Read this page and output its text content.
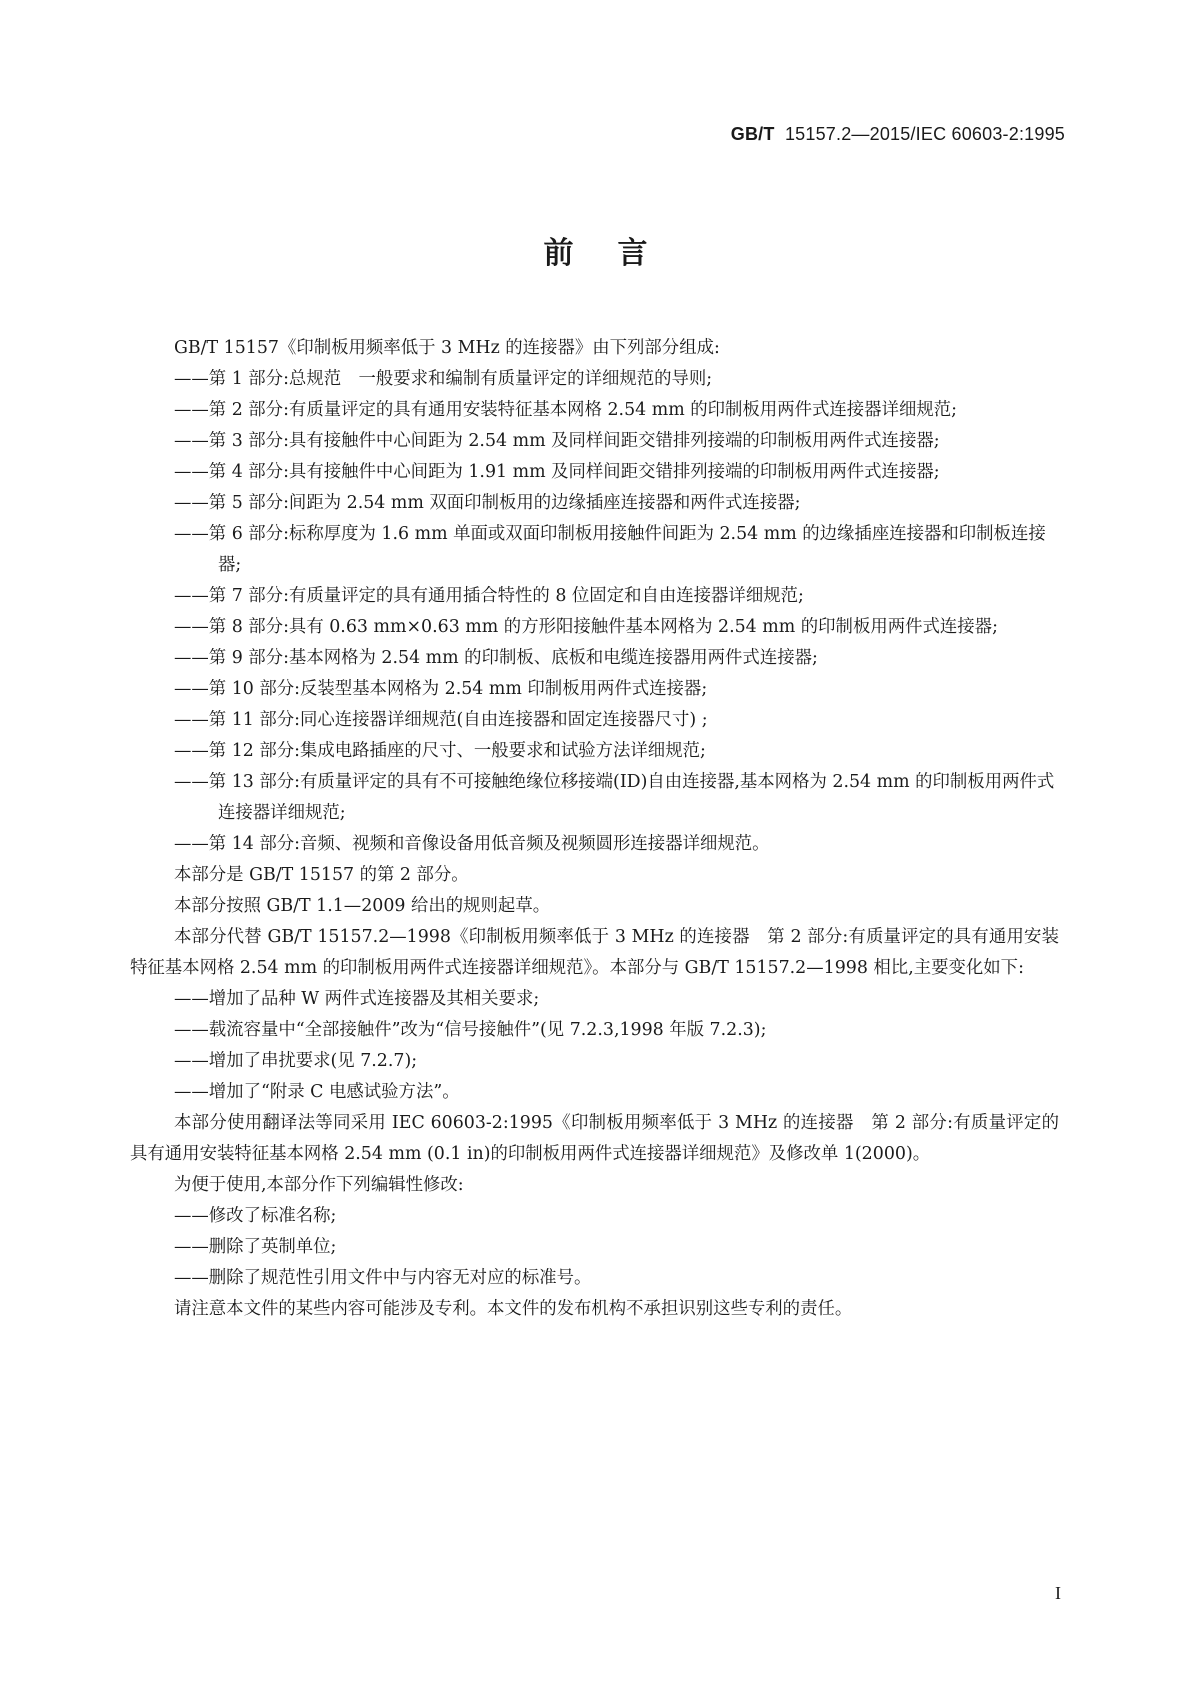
GB/T 15157.2—2015/IEC 60603-2:1995
前言

GB/T 15157《印制板用频率低于 3 MHz 的连接器》由下列部分组成:

——第 1 部分:总规范　一般要求和编制有质量评定的详细规范的导则;

——第 2 部分:有质量评定的具有通用安装特征基本网格 2.54 mm 的印制板用两件式连接器详细规范;

——第 3 部分:具有接触件中心间距为 2.54 mm 及同样间距交错排列接端的印制板用两件式连接器;

——第 4 部分:具有接触件中心间距为 1.91 mm 及同样间距交错排列接端的印制板用两件式连接器;

——第 5 部分:间距为 2.54 mm 双面印制板用的边缘插座连接器和两件式连接器;

——第 6 部分:标称厚度为 1.6 mm 单面或双面印制板用接触件间距为 2.54 mm 的边缘插座连接器和印制板连接器;

——第 7 部分:有质量评定的具有通用插合特性的 8 位固定和自由连接器详细规范;

——第 8 部分:具有 0.63 mm×0.63 mm 的方形阳接触件基本网格为 2.54 mm 的印制板用两件式连接器;

——第 9 部分:基本网格为 2.54 mm 的印制板、底板和电缆连接器用两件式连接器;

——第 10 部分:反装型基本网格为 2.54 mm 印制板用两件式连接器;

——第 11 部分:同心连接器详细规范(自由连接器和固定连接器尺寸) ;

——第 12 部分:集成电路插座的尺寸、一般要求和试验方法详细规范;

——第 13 部分:有质量评定的具有不可接触绝缘位移接端(ID)自由连接器,基本网格为 2.54 mm 的印制板用两件式连接器详细规范;

——第 14 部分:音频、视频和音像设备用低音频及视频圆形连接器详细规范。

本部分是 GB/T 15157 的第 2 部分。

本部分按照 GB/T 1.1—2009 给出的规则起草。

本部分代替 GB/T 15157.2—1998《印制板用频率低于 3 MHz 的连接器　第 2 部分:有质量评定的具有通用安装特征基本网格 2.54 mm 的印制板用两件式连接器详细规范》。本部分与 GB/T 15157.2—1998 相比,主要变化如下:

——增加了品种 W 两件式连接器及其相关要求;

——载流容量中“全部接触件”改为“信号接触件”(见 7.2.3,1998 年版 7.2.3);

——增加了串扰要求(见 7.2.7);

——增加了“附录 C 电感试验方法”。

本部分使用翻译法等同采用 IEC 60603-2:1995《印制板用频率低于 3 MHz 的连接器　第 2 部分:有质量评定的具有通用安装特征基本网格 2.54 mm (0.1 in)的印制板用两件式连接器详细规范》及修改单 1(2000)。

为便于使用,本部分作下列编辑性修改:

——修改了标准名称;

——删除了英制单位;

——删除了规范性引用文件中与内容无对应的标准号。

请注意本文件的某些内容可能涉及专利。本文件的发布机构不承担识别这些专利的责任。

I
